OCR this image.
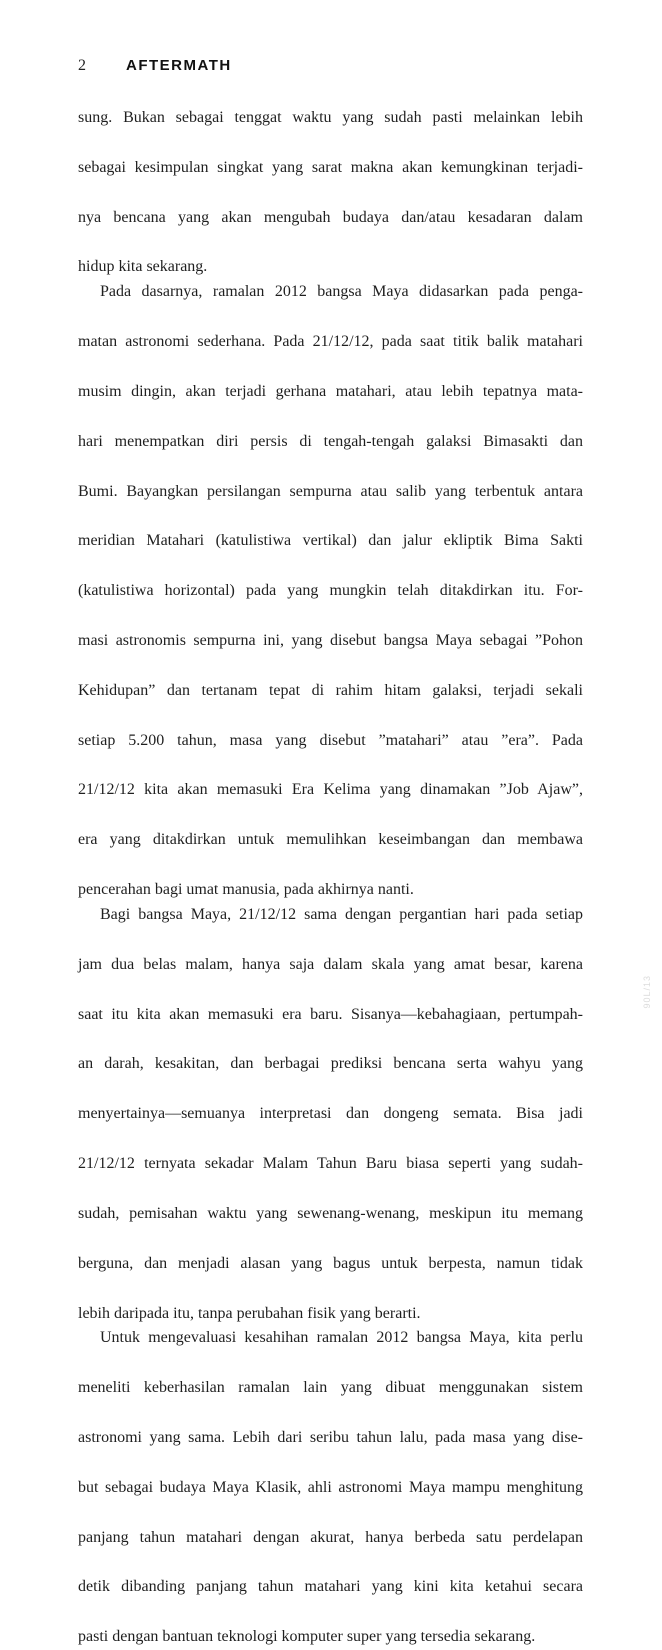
2	AFTERMATH

sung. Bukan sebagai tenggat waktu yang sudah pasti melainkan lebih
sebagai kesimpulan singkat yang sarat makna akan kemungkinan terjadi-
nya bencana yang akan mengubah budaya dan/atau kesadaran dalam
hidup kita sekarang.

Pada dasarnya, ramalan 2012 bangsa Maya didasarkan pada penga-
matan astronomi sederhana. Pada 21/12/12, pada saat titik balik matahari
musim dingin, akan terjadi gerhana matahari, atau lebih tepatnya mata-
hari menempatkan diri persis di tengah-tengah galaksi Bimasakti dan
Bumi. Bayangkan persilangan sempurna atau salib yang terbentuk antara
meridian Matahari (katulistiwa vertikal) dan jalur ekliptik Bima Sakti
(katulistiwa horizontal) pada yang mungkin telah ditakdirkan itu. For-
masi astronomis sempurna ini, yang disebut bangsa Maya sebagai ”Pohon
Kehidupan” dan tertanam tepat di rahim hitam galaksi, terjadi sekali
setiap 5.200 tahun, masa yang disebut ”matahari” atau ”era”. Pada
21/12/12 kita akan memasuki Era Kelima yang dinamakan ”Job Ajaw”,
era yang ditakdirkan untuk memulihkan keseimbangan dan membawa
pencerahan bagi umat manusia, pada akhirnya nanti.

Bagi bangsa Maya, 21/12/12 sama dengan pergantian hari pada setiap
jam dua belas malam, hanya saja dalam skala yang amat besar, karena
saat itu kita akan memasuki era baru. Sisanya—kebahagiaan, pertumpah-
an darah, kesakitan, dan berbagai prediksi bencana serta wahyu yang
menyertainya—semuanya interpretasi dan dongeng semata. Bisa jadi
21/12/12 ternyata sekadar Malam Tahun Baru biasa seperti yang sudah-
sudah, pemisahan waktu yang sewenang-wenang, meskipun itu memang
berguna, dan menjadi alasan yang bagus untuk berpesta, namun tidak
lebih daripada itu, tanpa perubahan fisik yang berarti.

Untuk mengevaluasi kesahihan ramalan 2012 bangsa Maya, kita perlu
meneliti keberhasilan ramalan lain yang dibuat menggunakan sistem
astronomi yang sama. Lebih dari seribu tahun lalu, pada masa yang dise-
but sebagai budaya Maya Klasik, ahli astronomi Maya mampu menghitung
panjang tahun matahari dengan akurat, hanya berbeda satu perdelapan
detik dibanding panjang tahun matahari yang kini kita ketahui secara
pasti dengan bantuan teknologi komputer super yang tersedia sekarang.

90L/13
